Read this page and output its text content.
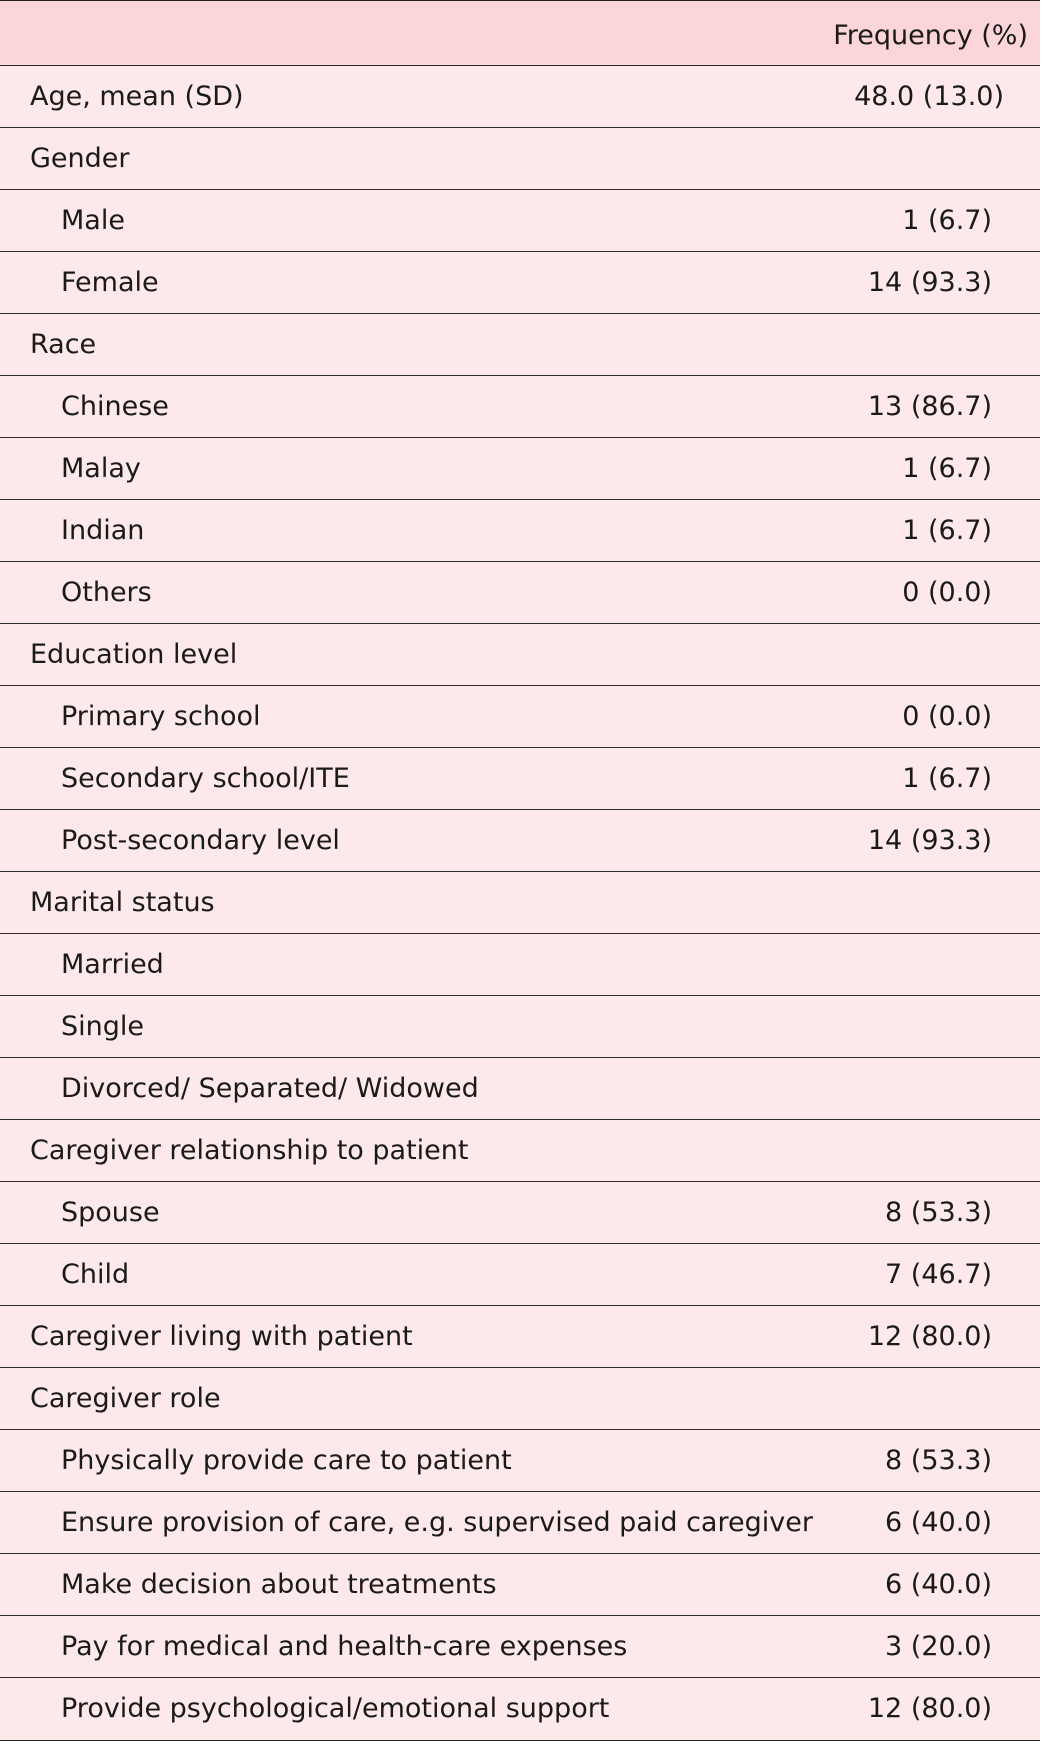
Frequency (%)
Age, mean (SD)	48.0 (13.0)
Gender
Male	1 (6.7)
Female	14 (93.3)
Race
Chinese	13 (86.7)
Malay	1 (6.7)
Indian	1 (6.7)
Others	0 (0.0)
Education level
Primary school	0 (0.0)
Secondary school/ITE	1 (6.7)
Post-secondary level	14 (93.3)
Marital status
Married
Single
Divorced/ Separated/ Widowed
Caregiver relationship to patient
Spouse	8 (53.3)
Child	7 (46.7)
Caregiver living with patient	12 (80.0)
Caregiver role
Physically provide care to patient	8 (53.3)
Ensure provision of care, e.g. supervised paid caregiver	6 (40.0)
Make decision about treatments	6 (40.0)
Pay for medical and health-care expenses	3 (20.0)
Provide psychological/emotional support	12 (80.0)
